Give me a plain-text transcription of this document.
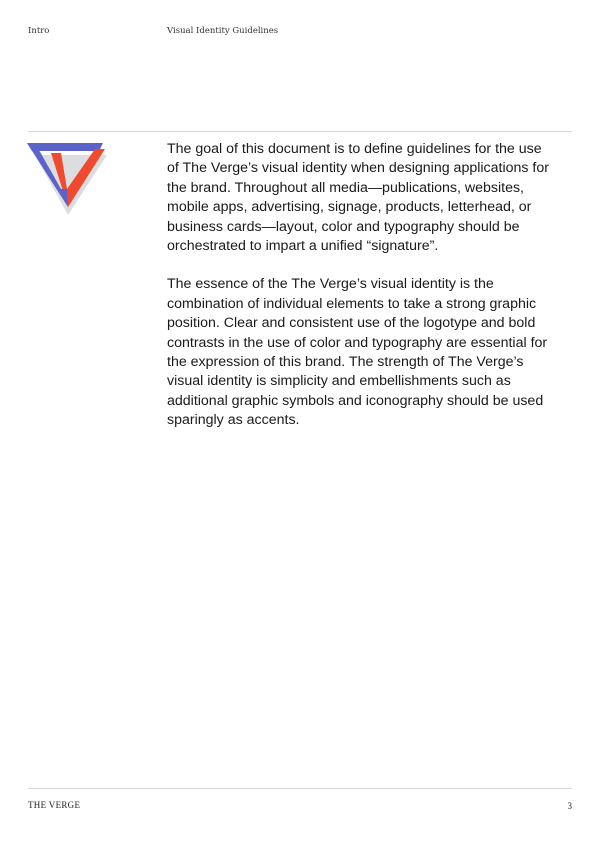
Intro	Visual Identity Guidelines

The goal of this document is to define guidelines for the use of The Verge’s visual identity when designing applications for the brand. Throughout all media—publications, websites, mobile apps, advertising, signage, products, letterhead, or business cards—layout, color and typography should be orchestrated to impart a unified “signature”.

The essence of the The Verge’s visual identity is the combination of individual elements to take a strong graphic position. Clear and consistent use of the logotype and bold contrasts in the use of color and typography are essential for the expression of this brand. The strength of The Verge’s visual identity is simplicity and embellishments such as additional graphic symbols and iconography should be used sparingly as accents.

THE VERGE	3
